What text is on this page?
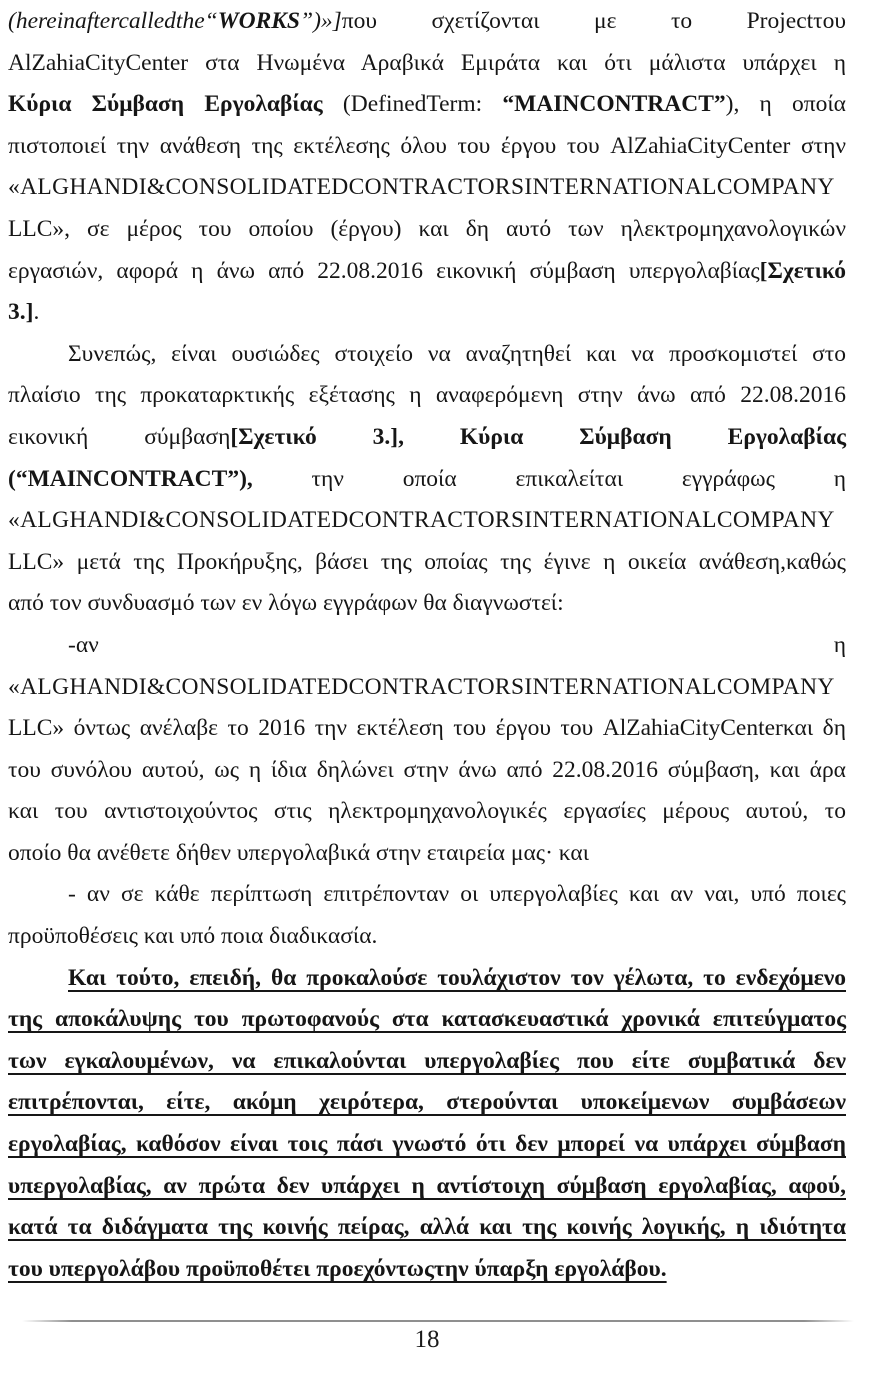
(hereinaftercalledthe“WORKS”)»]που σχετίζονται με το Projectτου
AlZahiaCityCenter στα Ηνωμένα Αραβικά Εμιράτα και ότι μάλιστα υπάρχει η
Κύρια Σύμβαση Εργολαβίας (DefinedTerm: “MAINCONTRACT”), η οποία
πιστοποιεί την ανάθεση της εκτέλεσης όλου του έργου του AlZahiaCityCenter στην
«ALGHANDI&CONSOLIDATEDCONTRACTORSINTERNATIONALCOMPANY
LLC», σε μέρος του οποίου (έργου) και δη αυτό των ηλεκτρομηχανολογικών
εργασιών, αφορά η άνω από 22.08.2016 εικονική σύμβαση υπεργολαβίας[Σχετικό
3.].
Συνεπώς, είναι ουσιώδες στοιχείο να αναζητηθεί και να προσκομιστεί στο
πλαίσιο της προκαταρκτικής εξέτασης η αναφερόμενη στην άνω από 22.08.2016
εικονική σύμβαση[Σχετικό 3.], Κύρια Σύμβαση Εργολαβίας
(“MAINCONTRACT”), την οποία επικαλείται εγγράφως η
«ALGHANDI&CONSOLIDATEDCONTRACTORSINTERNATIONALCOMPANY
LLC» μετά της Προκήρυξης, βάσει της οποίας της έγινε η οικεία ανάθεση,καθώς
από τον συνδυασμό των εν λόγω εγγράφων θα διαγνωστεί:
-αν η
«ALGHANDI&CONSOLIDATEDCONTRACTORSINTERNATIONALCOMPANY
LLC» όντως ανέλαβε το 2016 την εκτέλεση του έργου του AlZahiaCityCenterκαι δη
του συνόλου αυτού, ως η ίδια δηλώνει στην άνω από 22.08.2016 σύμβαση, και άρα
και του αντιστοιχούντος στις ηλεκτρομηχανολογικές εργασίες μέρους αυτού, το
οποίο θα ανέθετε δήθεν υπεργολαβικά στην εταιρεία μας· και
- αν σε κάθε περίπτωση επιτρέπονταν οι υπεργολαβίες και αν ναι, υπό ποιες
προϋποθέσεις και υπό ποια διαδικασία.
Και τούτο, επειδή, θα προκαλούσε τουλάχιστον τον γέλωτα, το ενδεχόμενο
της αποκάλυψης του πρωτοφανούς στα κατασκευαστικά χρονικά επιτεύγματος
των εγκαλουμένων, να επικαλούνται υπεργολαβίες που είτε συμβατικά δεν
επιτρέπονται, είτε, ακόμη χειρότερα, στερούνται υποκείμενων συμβάσεων
εργολαβίας, καθόσον είναι τοις πάσι γνωστό ότι δεν μπορεί να υπάρχει σύμβαση
υπεργολαβίας, αν πρώτα δεν υπάρχει η αντίστοιχη σύμβαση εργολαβίας, αφού,
κατά τα διδάγματα της κοινής πείρας, αλλά και της κοινής λογικής, η ιδιότητα
του υπεργολάβου προϋποθέτει προεχόντωςτην ύπαρξη εργολάβου.
18
